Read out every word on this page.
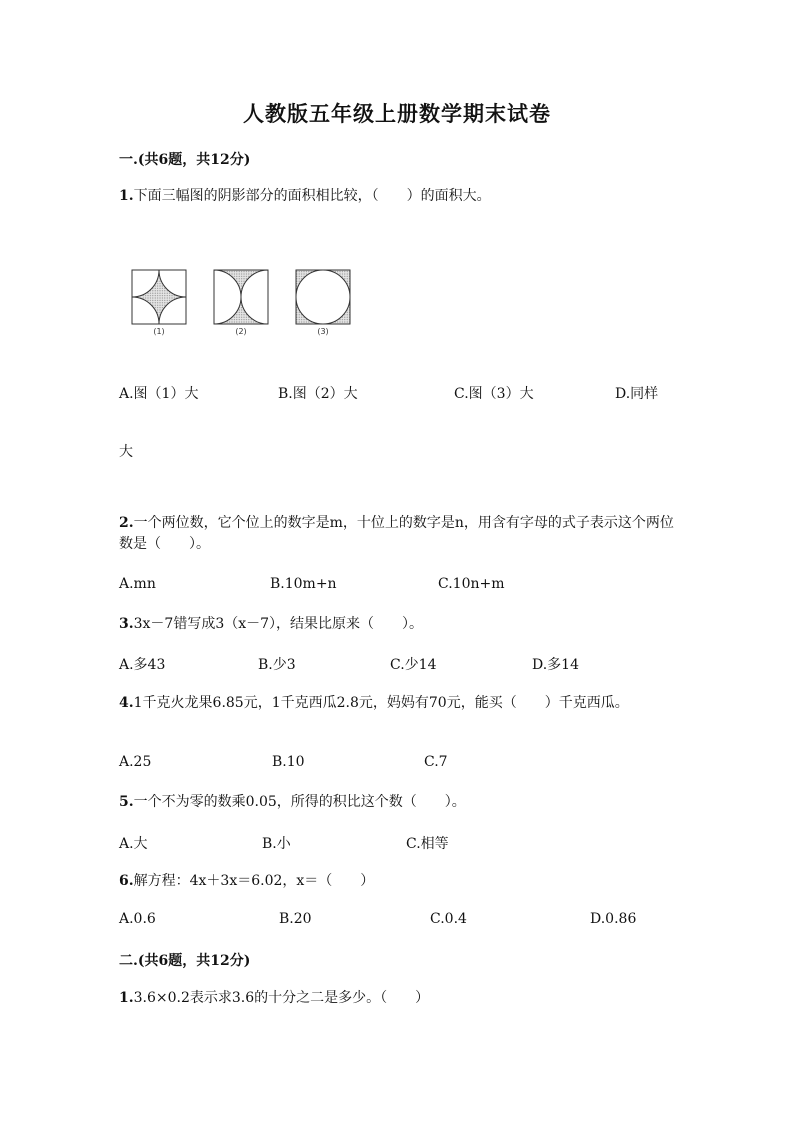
人教版五年级上册数学期末试卷
一.(共6题，共12分)
1.下面三幅图的阴影部分的面积相比较，（　　）的面积大。
(1)	(2)	(3)
A.图（1）大	B.图（2）大	C.图（3）大	D.同样
大
2.一个两位数，它个位上的数字是m，十位上的数字是n，用含有字母的式子表示这个两位数是（　　）。
A.mn	B.10m+n	C.10n+m
3.3x－7错写成3（x－7），结果比原来（　　）。
A.多43	B.少3	C.少14	D.多14
4.1千克火龙果6.85元，1千克西瓜2.8元，妈妈有70元，能买（　　）千克西瓜。
A.25	B.10	C.7
5.一个不为零的数乘0.05，所得的积比这个数（　　）。
A.大	B.小	C.相等
6.解方程：4x＋3x＝6.02，x＝（　　）
A.0.6	B.20	C.0.4	D.0.86
二.(共6题，共12分)
1.3.6×0.2表示求3.6的十分之二是多少。（　　）
